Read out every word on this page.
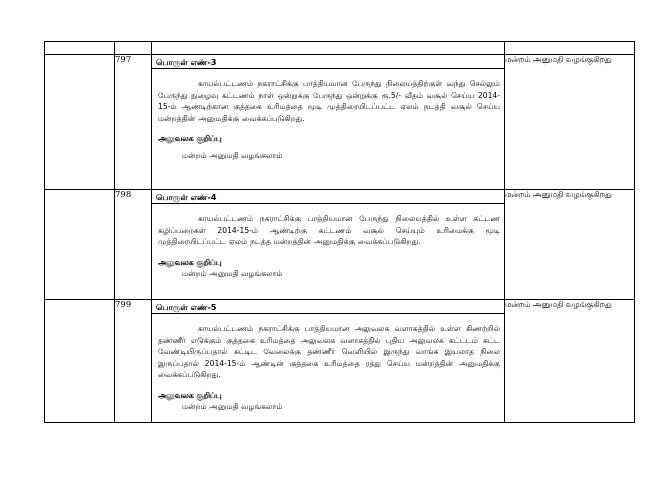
	797	பொருள் எண்-3

காயல்பட்டணம் நகராட்சிக்கு பாத்தியமான பேருந்து நிலையத்திற்குள் வந்து செல்லும் பேருந்து நுழைவு கட்டணம் நாள் ஒன்றுக்கு பேருந்து ஒன்றுக்கு ரூ.5/- வீதம் வசூல் செய்ய 2014-15-ம் ஆண்டிற்கான குத்தகை உரிமத்தை மூடி முத்திரையிடப்பட்ட ஏலம் நடத்தி வசூல் செய்ய மன்றத்தின் அனுமதிக்கு வைக்கப்படுகிறது.

அலுவலக குறிப்பு

மன்றம் அனுமதி வழங்கலாம்	மன்றம் அனுமதி வழங்குகிறது
	798	பொருள் எண்-4

காயல்பட்டணம் நகராட்சிக்கு பாத்தியமான பேருந்து நிலையத்தில் உள்ள கட்டண கழிப்பறைகள் 2014-15-ம் ஆண்டிற்கு கட்டணம் வசூல் செய்யும் உரிமைக்கு மூடி முத்திரையிடப்பட்ட ஏலம் நடத்த மன்றத்தின் அனுமதிக்கு வைக்கப்படுகிறது.

அலுவலக குறிப்பு

மன்றம் அனுமதி வழங்கலாம்	மன்றம் அனுமதி வழங்குகிறது
	799	பொருள் எண்-5

காயல்பட்டணம் நகராட்சிக்கு பாத்தியமான அலுவலக வளாகத்தில் உள்ள கிணற்றில் தண்ணீர் எடுக்கும் குத்தகை உரிமத்தை அலுவலக வளாகத்தில் புதிய அலுவலக கட்டடம் கட்ட வேண்டியிருப்பதால் கட்டிட வேலைக்கு தண்ணீர் வெளியில் இருந்து வாங்க இயலாத நிலை இருப்பதால் 2014-15-ம் ஆண்டின் குத்தகை உரிமத்தை ரத்து செய்ய மன்றத்தின் அனுமதிக்கு வைக்கப்படுகிறது.

அலுவலக குறிப்பு

மன்றம் அனுமதி வழங்கலாம்	மன்றம் அனுமதி வழங்குகிறது
